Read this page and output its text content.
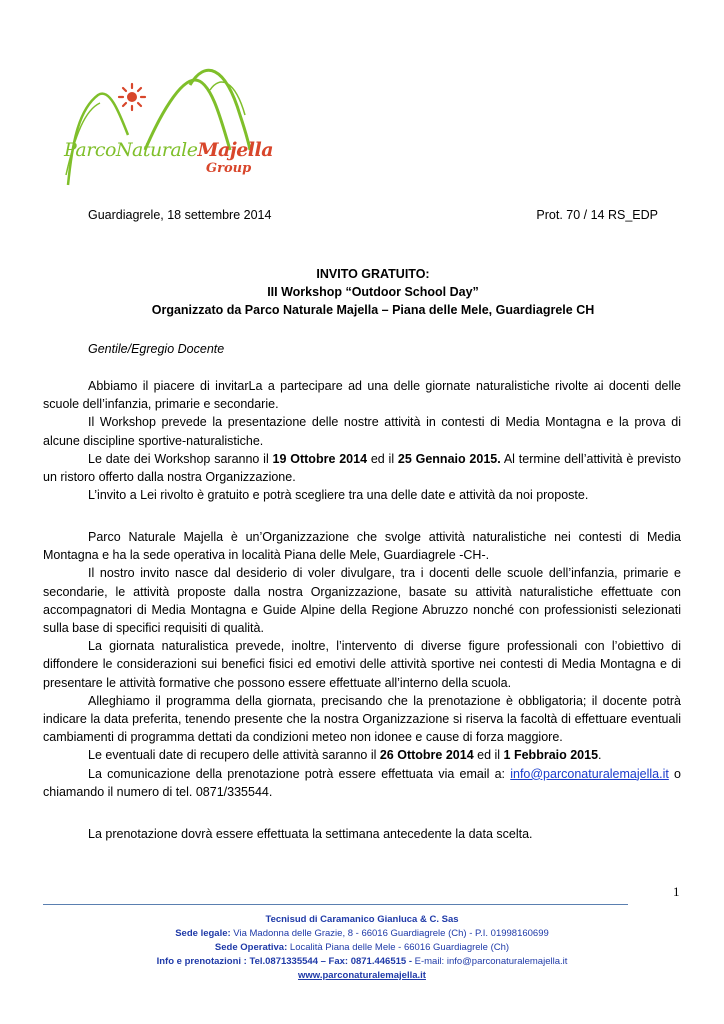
ParcoNaturaleMajella
Group
Guardiagrele, 18 settembre 2014	Prot. 70 / 14 RS_EDP
INVITO GRATUITO:
III Workshop “Outdoor School Day”
Organizzato da Parco Naturale Majella – Piana delle Mele, Guardiagrele CH
Gentile/Egregio Docente

Abbiamo il piacere di invitarLa a partecipare ad una delle giornate naturalistiche rivolte ai docenti delle scuole dell’infanzia, primarie e secondarie.

Il Workshop prevede la presentazione delle nostre attività in contesti di Media Montagna e la prova di alcune discipline sportive-naturalistiche.

Le date dei Workshop saranno il 19 Ottobre 2014 ed il 25 Gennaio 2015. Al termine dell’attività è previsto un ristoro offerto dalla nostra Organizzazione.

L’invito a Lei rivolto è gratuito e potrà scegliere tra una delle date e attività da noi proposte.

Parco Naturale Majella è un’Organizzazione che svolge attività naturalistiche nei contesti di Media Montagna e ha la sede operativa in località Piana delle Mele, Guardiagrele -CH-.

Il nostro invito nasce dal desiderio di voler divulgare, tra i docenti delle scuole dell’infanzia, primarie e secondarie, le attività proposte dalla nostra Organizzazione, basate su attività naturalistiche effettuate con accompagnatori di Media Montagna e Guide Alpine della Regione Abruzzo nonché con professionisti selezionati sulla base di specifici requisiti di qualità.

La giornata naturalistica prevede, inoltre, l’intervento di diverse figure professionali con l’obiettivo di diffondere le considerazioni sui benefici fisici ed emotivi delle attività sportive nei contesti di Media Montagna e di presentare le attività formative che possono essere effettuate all’interno della scuola.

Alleghiamo il programma della giornata, precisando che la prenotazione è obbligatoria; il docente potrà indicare la data preferita, tenendo presente che la nostra Organizzazione si riserva la facoltà di effettuare eventuali cambiamenti di programma dettati da condizioni meteo non idonee e cause di forza maggiore.

Le eventuali date di recupero delle attività saranno il 26 Ottobre 2014 ed il 1 Febbraio 2015.

La comunicazione della prenotazione potrà essere effettuata via email a: info@parconaturalemajella.it o chiamando il numero di tel. 0871/335544.

La prenotazione dovrà essere effettuata la settimana antecedente la data scelta.
1
Tecnisud di Caramanico Gianluca & C. Sas
Sede legale: Via Madonna delle Grazie, 8 - 66016 Guardiagrele (Ch) - P.I. 01998160699
Sede Operativa: Località Piana delle Mele - 66016 Guardiagrele (Ch)
Info e prenotazioni : Tel.0871335544 – Fax: 0871.446515 - E-mail: info@parconaturalemajella.it
www.parconaturalemajella.it
